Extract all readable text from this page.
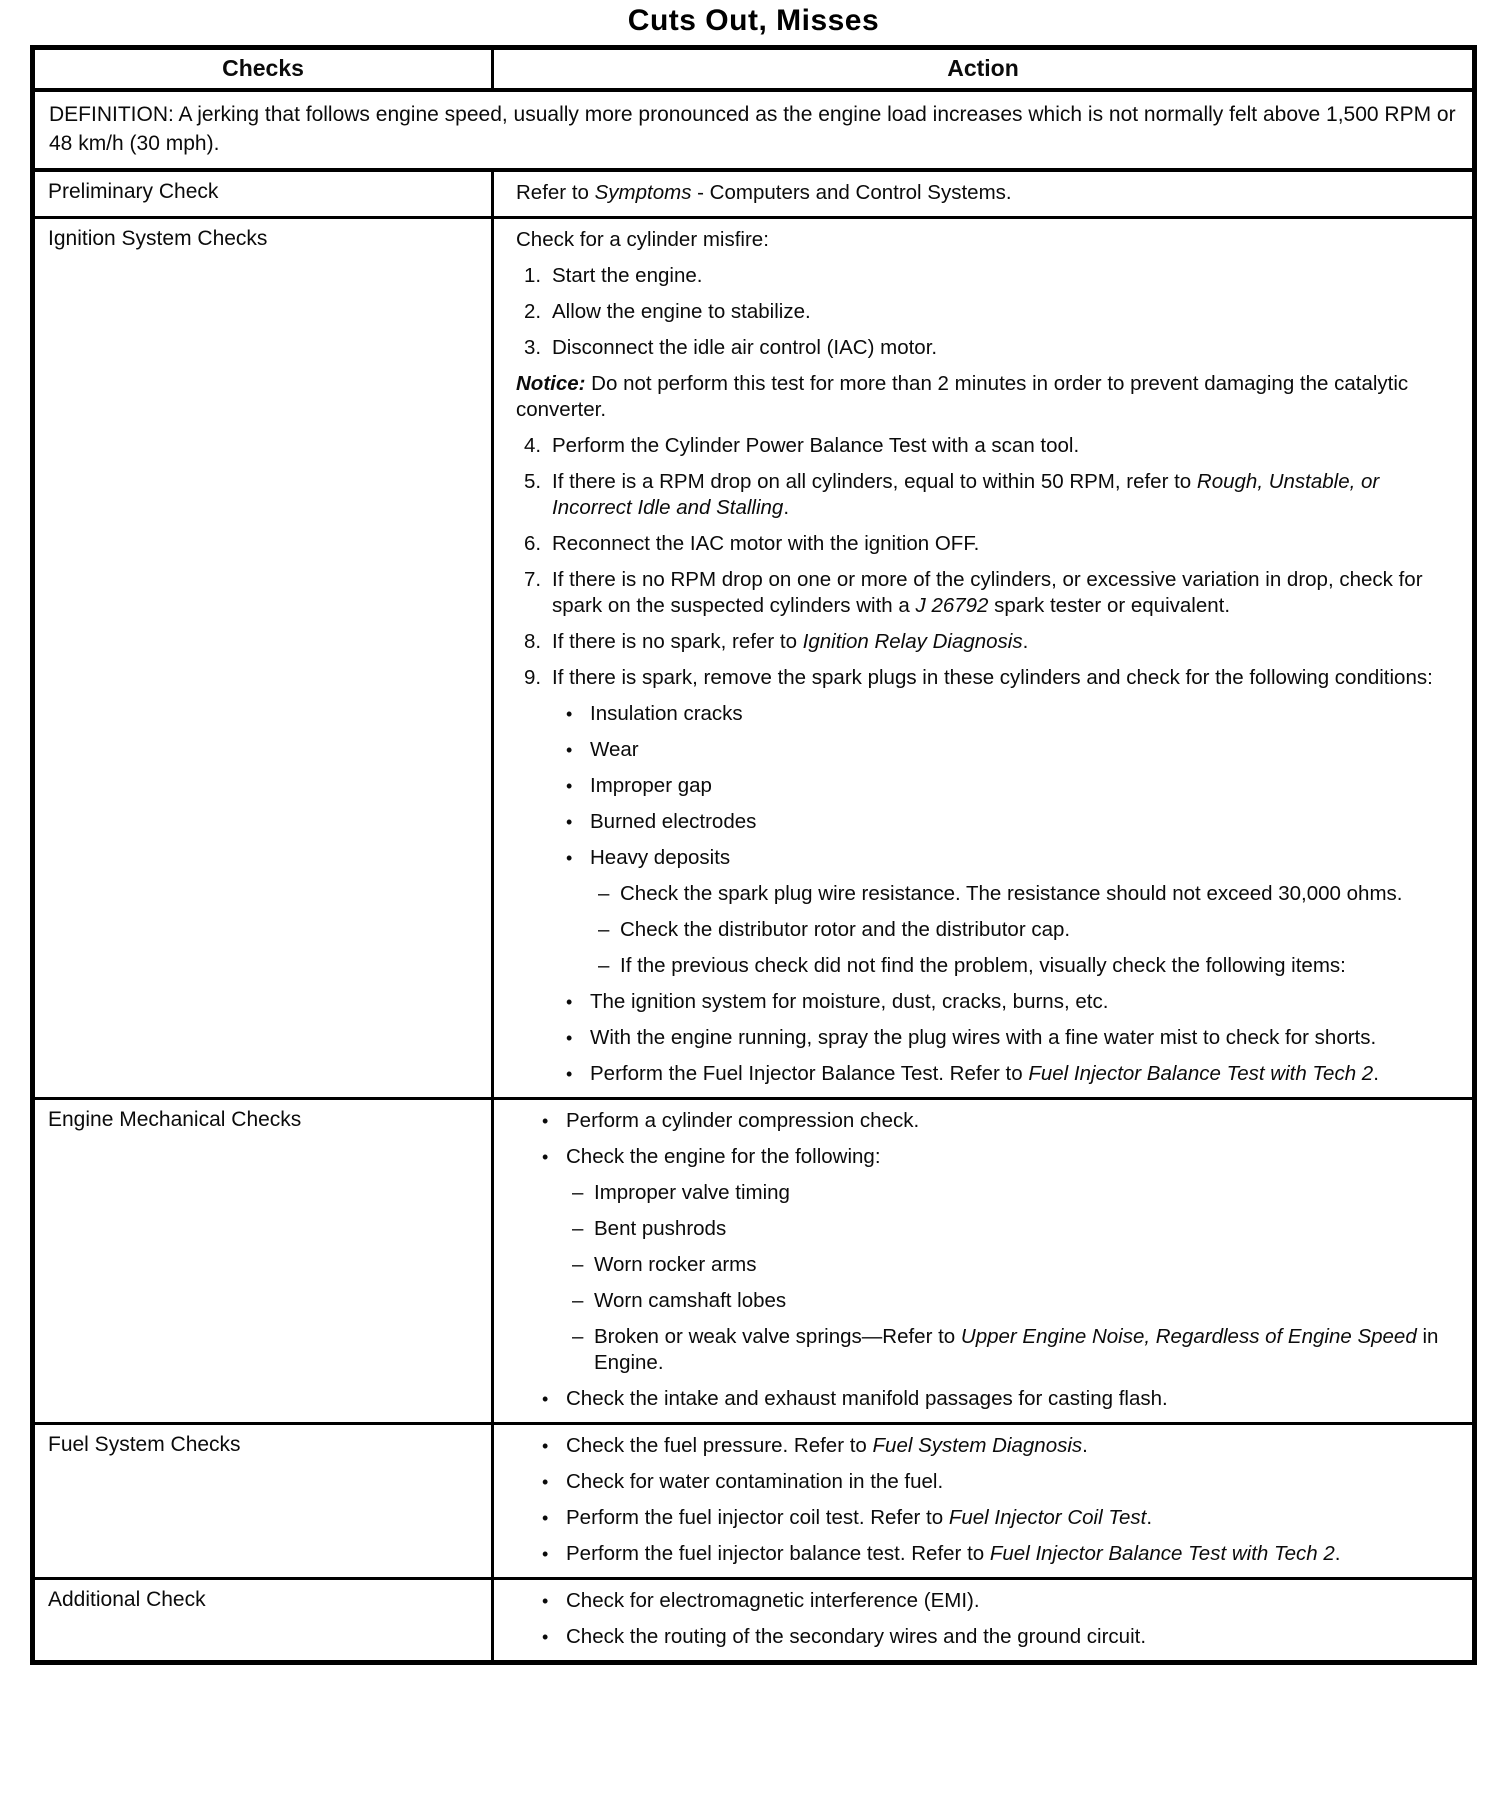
Cuts Out, Misses
Checks	Action
DEFINITION: A jerking that follows engine speed, usually more pronounced as the engine load increases which is not normally felt above 1,500 RPM or 48 km/h (30 mph).	
Preliminary Check	Refer to Symptoms - Computers and Control Systems.

Ignition System Checks	Check for a cylinder misfire:
1. Start the engine.
2. Allow the engine to stabilize.
3. Disconnect the idle air control (IAC) motor.
Notice: Do not perform this test for more than 2 minutes in order to prevent damaging the catalytic converter.
4. Perform the Cylinder Power Balance Test with a scan tool.
5. If there is a RPM drop on all cylinders, equal to within 50 RPM, refer to Rough, Unstable, or Incorrect Idle and Stalling.
6. Reconnect the IAC motor with the ignition OFF.
7. If there is no RPM drop on one or more of the cylinders, or excessive variation in drop, check for spark on the suspected cylinders with a J 26792 spark tester or equivalent.
8. If there is no spark, refer to Ignition Relay Diagnosis.
9. If there is spark, remove the spark plugs in these cylinders and check for the following conditions:
• Insulation cracks
• Wear
• Improper gap
• Burned electrodes
• Heavy deposits
– Check the spark plug wire resistance. The resistance should not exceed 30,000 ohms.
– Check the distributor rotor and the distributor cap.
– If the previous check did not find the problem, visually check the following items:
• The ignition system for moisture, dust, cracks, burns, etc.
• With the engine running, spray the plug wires with a fine water mist to check for shorts.
• Perform the Fuel Injector Balance Test. Refer to Fuel Injector Balance Test with Tech 2.

Engine Mechanical Checks	• Perform a cylinder compression check.
• Check the engine for the following:
– Improper valve timing
– Bent pushrods
– Worn rocker arms
– Worn camshaft lobes
– Broken or weak valve springs—Refer to Upper Engine Noise, Regardless of Engine Speed in Engine.
• Check the intake and exhaust manifold passages for casting flash.

Fuel System Checks	• Check the fuel pressure. Refer to Fuel System Diagnosis.
• Check for water contamination in the fuel.
• Perform the fuel injector coil test. Refer to Fuel Injector Coil Test.
• Perform the fuel injector balance test. Refer to Fuel Injector Balance Test with Tech 2.

Additional Check	• Check for electromagnetic interference (EMI).
• Check the routing of the secondary wires and the ground circuit.
